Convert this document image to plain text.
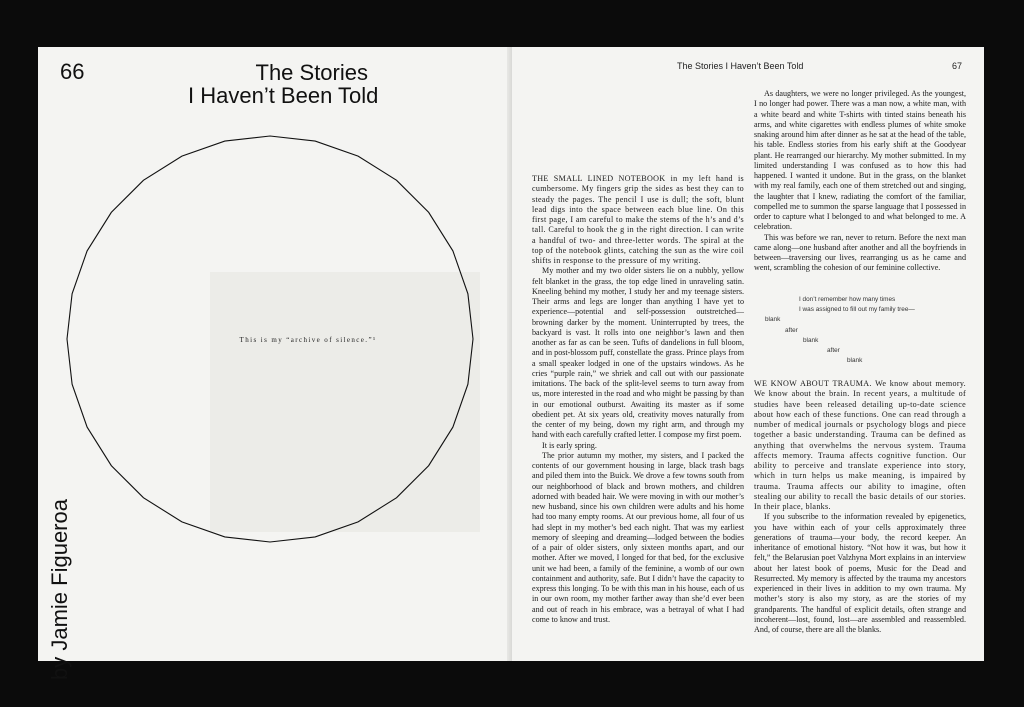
66	The Stories
I Haven’t Been Told
This is my “archive of silence.”¹
by Jamie Figueroa
The Stories I Haven’t Been Told	67

THE SMALL LINED NOTEBOOK in my left hand is cumbersome. My fingers grip the sides as best they can to steady the pages. The pencil I use is dull; the soft, blunt lead digs into the space between each blue line. On this first page, I am careful to make the stems of the h’s and d’s tall. Careful to hook the g in the right direction. I can write a handful of two- and three-letter words. The spiral at the top of the notebook glints, catching the sun as the wire coil shifts in response to the pressure of my writing.

My mother and my two older sisters lie on a nubbly, yellow felt blanket in the grass, the top edge lined in unraveling satin. Kneeling behind my mother, I study her and my teenage sisters. Their arms and legs are longer than anything I have yet to experience—potential and self-possession outstretched—browning darker by the moment. Uninterrupted by trees, the backyard is vast. It rolls into one neighbor’s lawn and then another as far as can be seen. Tufts of dandelions in full bloom, and in post-blossom puff, constellate the grass. Prince plays from a small speaker lodged in one of the upstairs windows. As he cries “purple rain,” we shriek and call out with our passionate imitations. The back of the split-level seems to turn away from us, more interested in the road and who might be passing by than in our emotional outburst. Awaiting its master as if some obedient pet. At six years old, creativity moves naturally from the center of my being, down my right arm, and through my hand with each carefully crafted letter. I compose my first poem.

It is early spring.

The prior autumn my mother, my sisters, and I packed the contents of our government housing in large, black trash bags and piled them into the Buick. We drove a few towns south from our neighborhood of black and brown mothers, and children adorned with beaded hair. We were moving in with our mother’s new husband, since his own children were adults and his home had too many empty rooms. At our previous home, all four of us had slept in my mother’s bed each night. That was my earliest memory of sleeping and dreaming—lodged between the bodies of a pair of older sisters, only sixteen months apart, and our mother. After we moved, I longed for that bed, for the exclusive unit we had been, a family of the feminine, a womb of our own containment and authority, safe. But I didn’t have the capacity to express this longing. To be with this man in his house, each of us in our own room, my mother farther away than she’d ever been and out of reach in his embrace, was a betrayal of what I had come to know and trust.

As daughters, we were no longer privileged. As the youngest, I no longer had power. There was a man now, a white man, with a white beard and white T-shirts with tinted stains beneath his arms, and white cigarettes with endless plumes of white smoke snaking around him after dinner as he sat at the head of the table, his table. Endless stories from his early shift at the Goodyear plant. He rearranged our hierarchy. My mother submitted. In my limited understanding I was confused as to how this had happened. I wanted it undone. But in the grass, on the blanket with my real family, each one of them stretched out and singing, the laughter that I knew, radiating the comfort of the familiar, compelled me to summon the sparse language that I possessed in order to capture what I belonged to and what belonged to me. A celebration.

This was before we ran, never to return. Before the next man came along—one husband after another and all the boyfriends in between—traversing our lives, rearranging us as he came and went, scrambling the cohesion of our feminine collective.

I don’t remember how many times
I was assigned to fill out my family tree—
blank
after
blank
after
blank

WE KNOW ABOUT TRAUMA. We know about memory. We know about the brain. In recent years, a multitude of studies have been released detailing up-to-date science about how each of these functions. One can read through a number of medical journals or psychology blogs and piece together a basic understanding. Trauma can be defined as anything that overwhelms the nervous system. Trauma affects memory. Trauma affects cognitive function. Our ability to perceive and translate experience into story, which in turn helps us make meaning, is impaired by trauma. Trauma affects our ability to imagine, often stealing our ability to recall the basic details of our stories. In their place, blanks.

If you subscribe to the information revealed by epigenetics, you have within each of your cells approximately three generations of trauma—your body, the record keeper. An inheritance of emotional history. “Not how it was, but how it felt,” the Belarusian poet Valzhyna Mort explains in an interview about her latest book of poems, Music for the Dead and Resurrected. My memory is affected by the trauma my ancestors experienced in their lives in addition to my own trauma. My mother’s story is also my story, as are the stories of my grandparents. The handful of explicit details, often strange and incoherent—lost, found, lost—are assembled and reassembled. And, of course, there are all the blanks.
